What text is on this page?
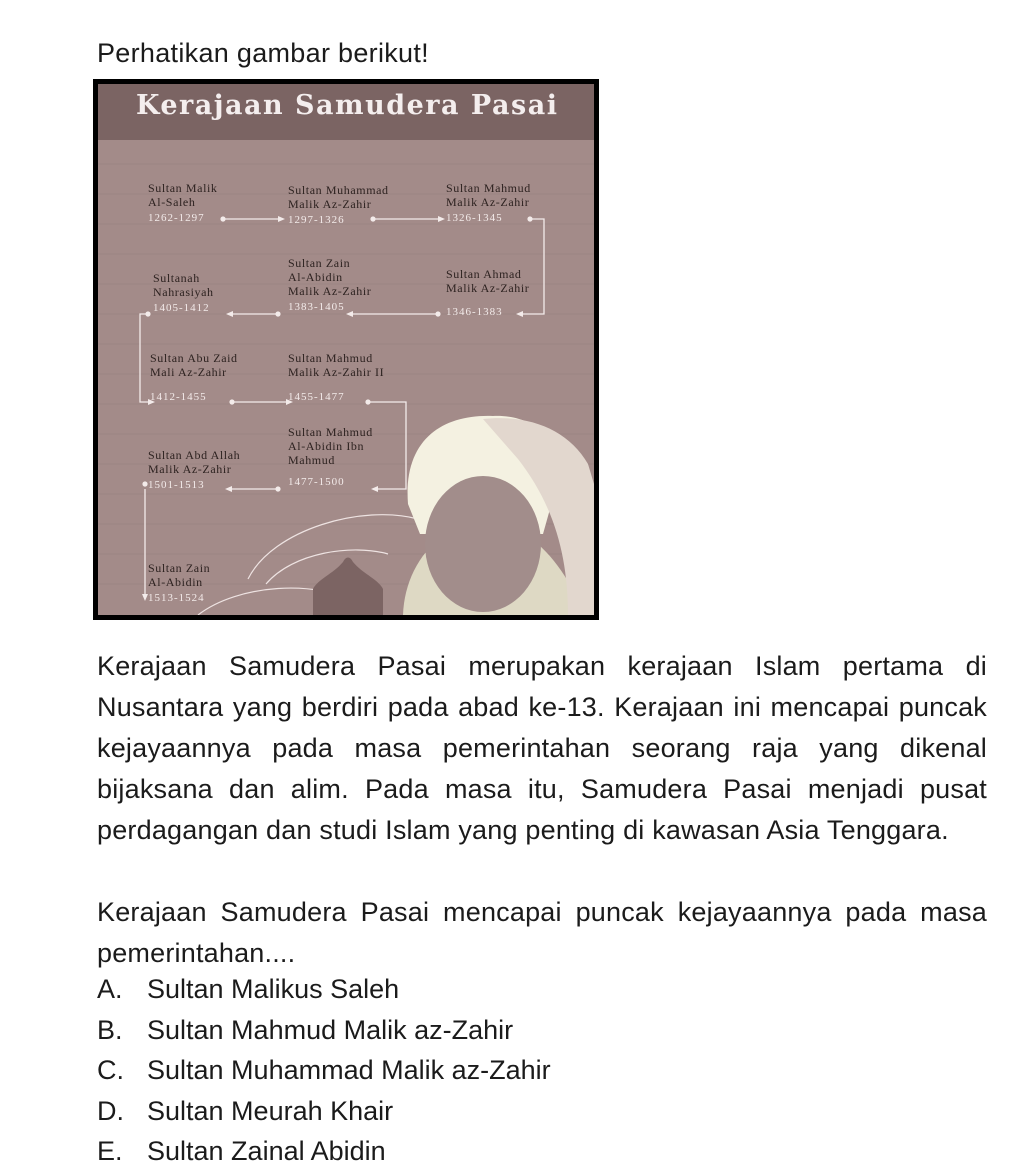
Perhatikan gambar berikut!
Kerajaan Samudera Pasai
Sultan Malik
Al-Saleh
1262-1297
Sultan Muhammad
Malik Az-Zahir
1297-1326
Sultan Mahmud
Malik Az-Zahir
1326-1345
Sultan Ahmad
Malik Az-Zahir
1346-1383
Sultan Zain
Al-Abidin
Malik Az-Zahir
1383-1405
Sultanah
Nahrasiyah
1405-1412
Sultan Abu Zaid
Mali Az-Zahir
1412-1455
Sultan Mahmud
Malik Az-Zahir II
1455-1477
Sultan Mahmud
Al-Abidin Ibn
Mahmud
1477-1500
Sultan Abd Allah
Malik Az-Zahir
1501-1513
Sultan Zain
Al-Abidin
1513-1524

Kerajaan Samudera Pasai merupakan kerajaan Islam pertama di Nusantara yang berdiri pada abad ke-13. Kerajaan ini mencapai puncak kejayaannya pada masa pemerintahan seorang raja yang dikenal bijaksana dan alim. Pada masa itu, Samudera Pasai menjadi pusat perdagangan dan studi Islam yang penting di kawasan Asia Tenggara.

Kerajaan Samudera Pasai mencapai puncak kejayaannya pada masa pemerintahan....

A. Sultan Malikus Saleh
B. Sultan Mahmud Malik az-Zahir
C. Sultan Muhammad Malik az-Zahir
D. Sultan Meurah Khair
E. Sultan Zainal Abidin
